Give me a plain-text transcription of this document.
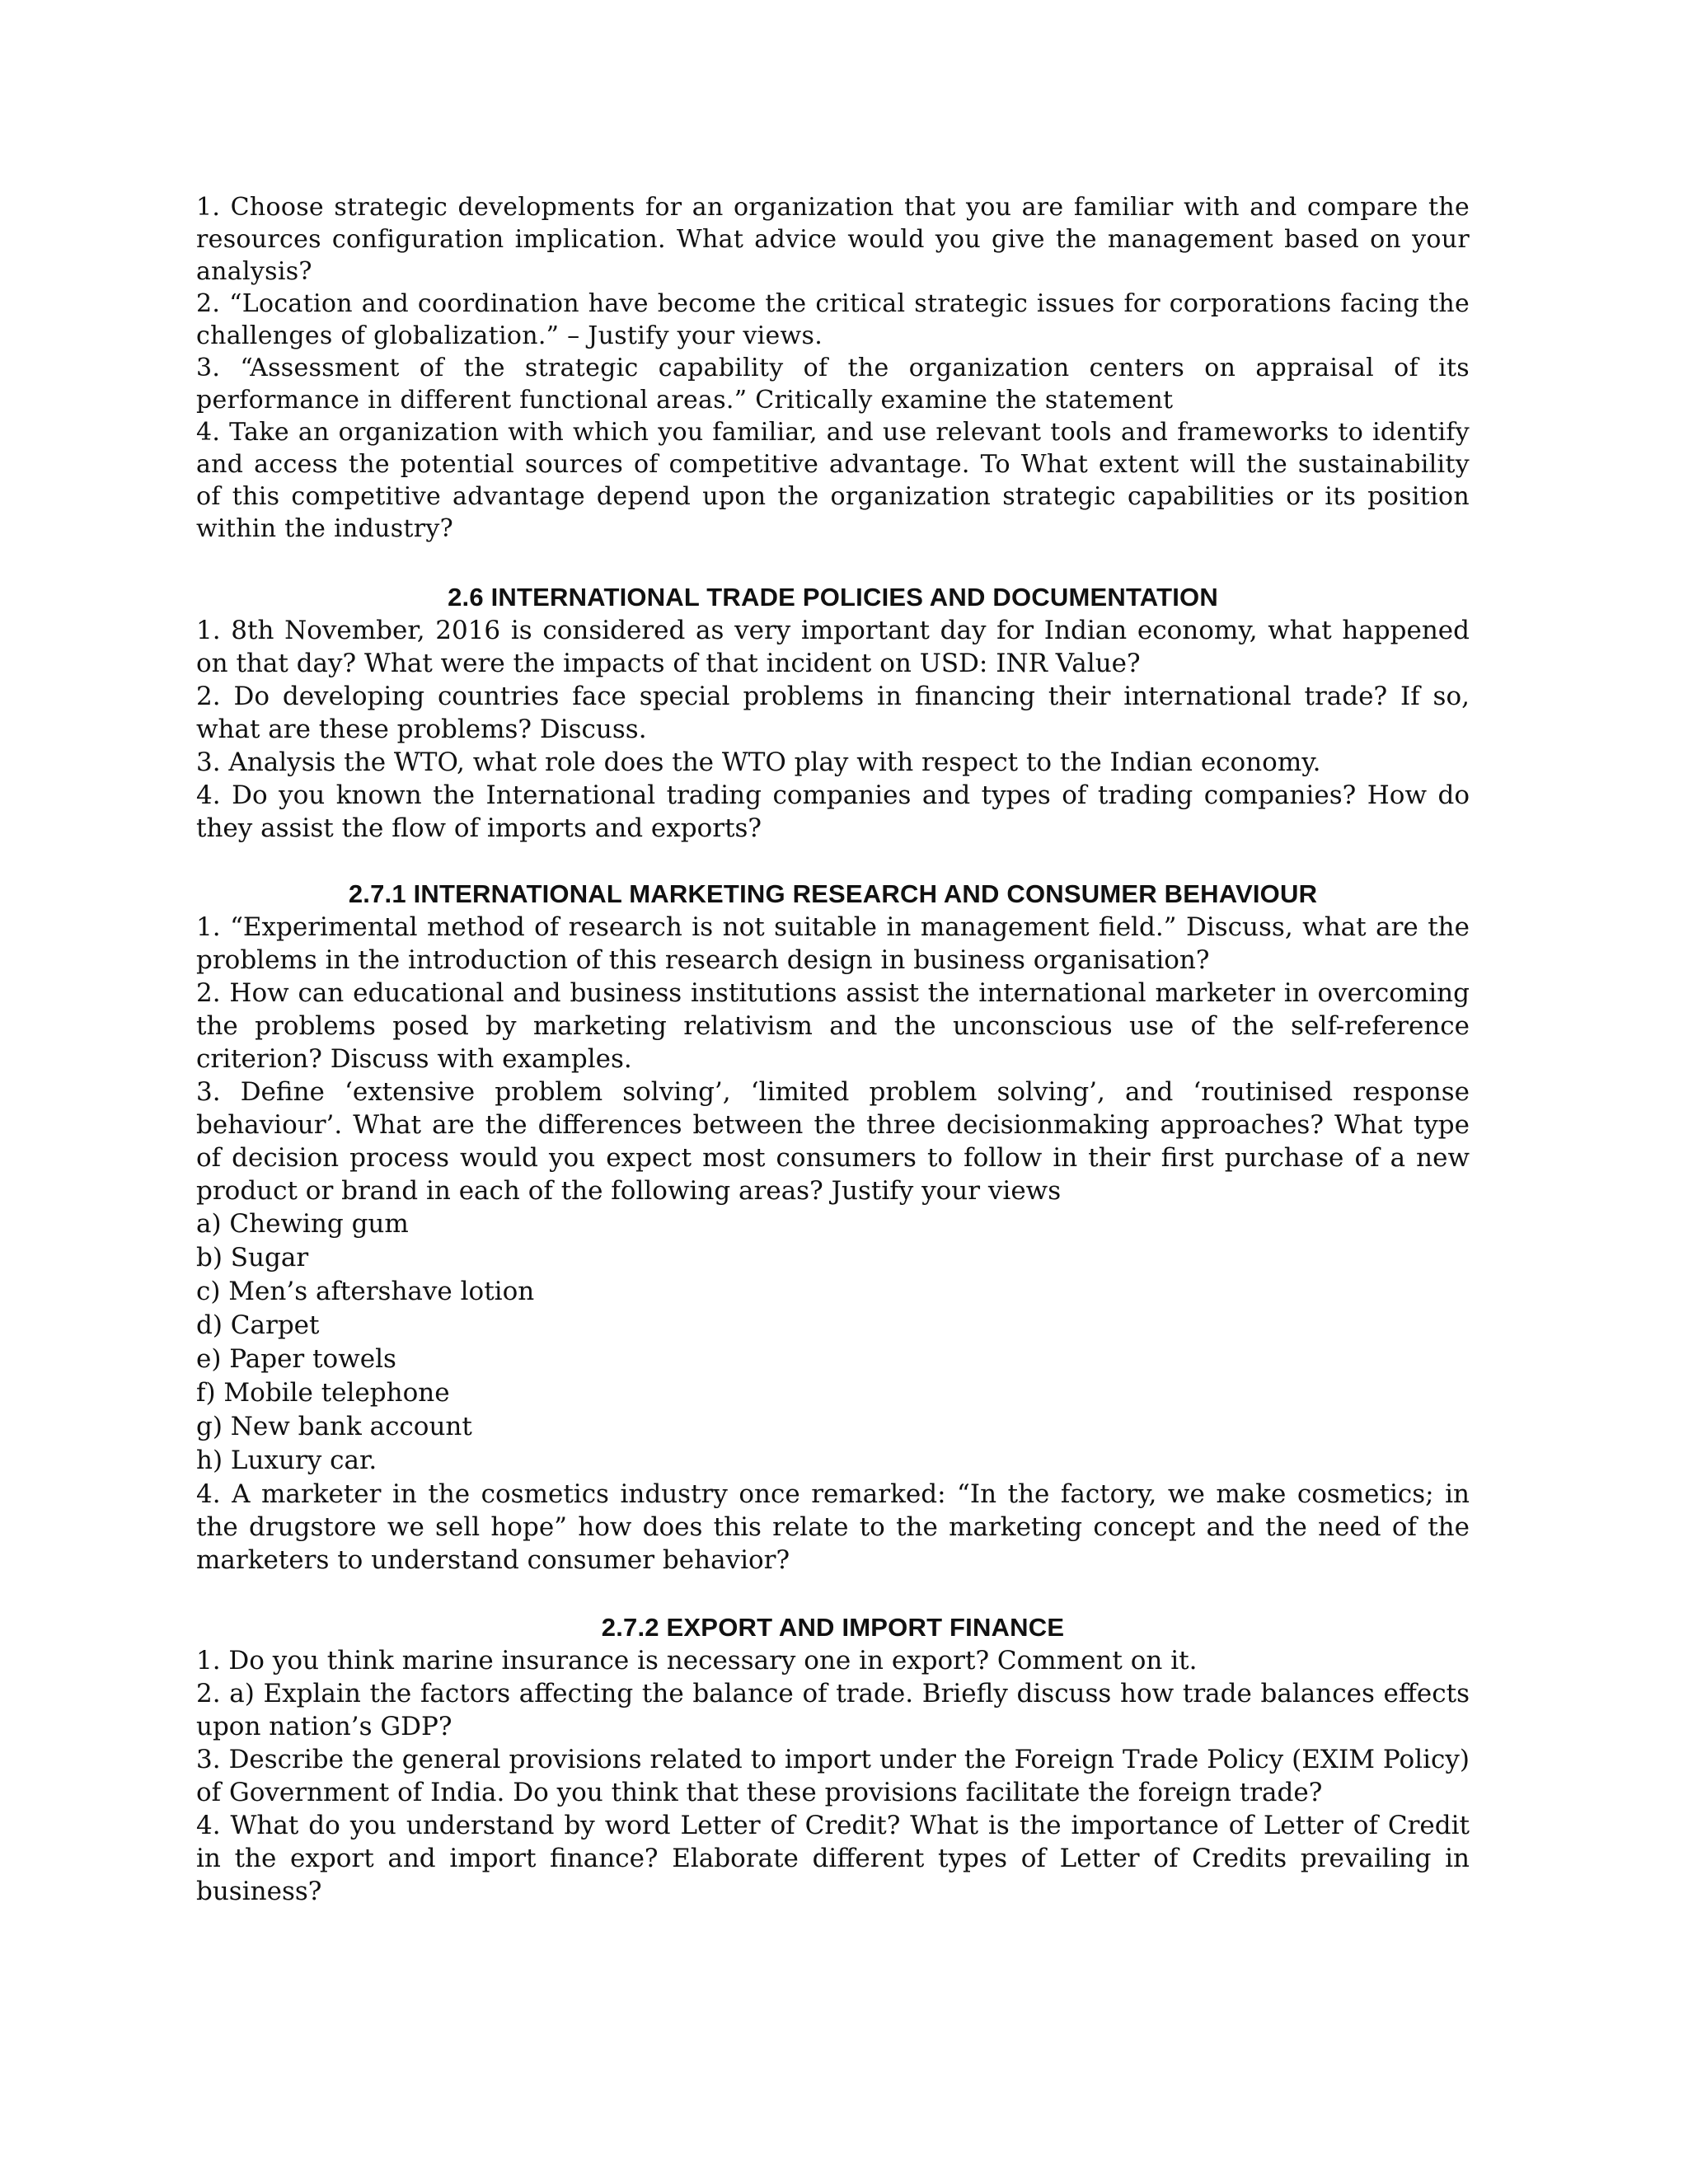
1. Choose strategic developments for an organization that you are familiar with and compare the resources configuration implication. What advice would you give the management based on your analysis?

2. “Location and coordination have become the critical strategic issues for corporations facing the challenges of globalization.” – Justify your views.

3. “Assessment of the strategic capability of the organization centers on appraisal of its performance in different functional areas.” Critically examine the statement

4. Take an organization with which you familiar, and use relevant tools and frameworks to identify and access the potential sources of competitive advantage. To What extent will the sustainability of this competitive advantage depend upon the organization strategic capabilities or its position within the industry?

2.6 INTERNATIONAL TRADE POLICIES AND DOCUMENTATION

1. 8th November, 2016 is considered as very important day for Indian economy, what happened on that day? What were the impacts of that incident on USD: INR Value?

2. Do developing countries face special problems in financing their international trade? If so, what are these problems? Discuss.

3. Analysis the WTO, what role does the WTO play with respect to the Indian economy.

4. Do you known the International trading companies and types of trading companies? How do they assist the flow of imports and exports?

2.7.1 INTERNATIONAL MARKETING RESEARCH AND CONSUMER BEHAVIOUR

1. “Experimental method of research is not suitable in management field.” Discuss, what are the problems in the introduction of this research design in business organisation?

2. How can educational and business institutions assist the international marketer in overcoming the problems posed by marketing relativism and the unconscious use of the self-reference criterion? Discuss with examples.

3. Define ‘extensive problem solving’, ‘limited problem solving’, and ‘routinised response behaviour’. What are the differences between the three decisionmaking approaches? What type of decision process would you expect most consumers to follow in their first purchase of a new product or brand in each of the following areas? Justify your views

a) Chewing gum
b) Sugar
c) Men’s aftershave lotion
d) Carpet
e) Paper towels
f) Mobile telephone
g) New bank account
h) Luxury car.

4. A marketer in the cosmetics industry once remarked: “In the factory, we make cosmetics; in the drugstore we sell hope” how does this relate to the marketing concept and the need of the marketers to understand consumer behavior?

2.7.2 EXPORT AND IMPORT FINANCE

1. Do you think marine insurance is necessary one in export? Comment on it.

2. a) Explain the factors affecting the balance of trade. Briefly discuss how trade balances effects upon nation’s GDP?

3. Describe the general provisions related to import under the Foreign Trade Policy (EXIM Policy) of Government of India. Do you think that these provisions facilitate the foreign trade?

4. What do you understand by word Letter of Credit? What is the importance of Letter of Credit in the export and import finance? Elaborate different types of Letter of Credits prevailing in business?
